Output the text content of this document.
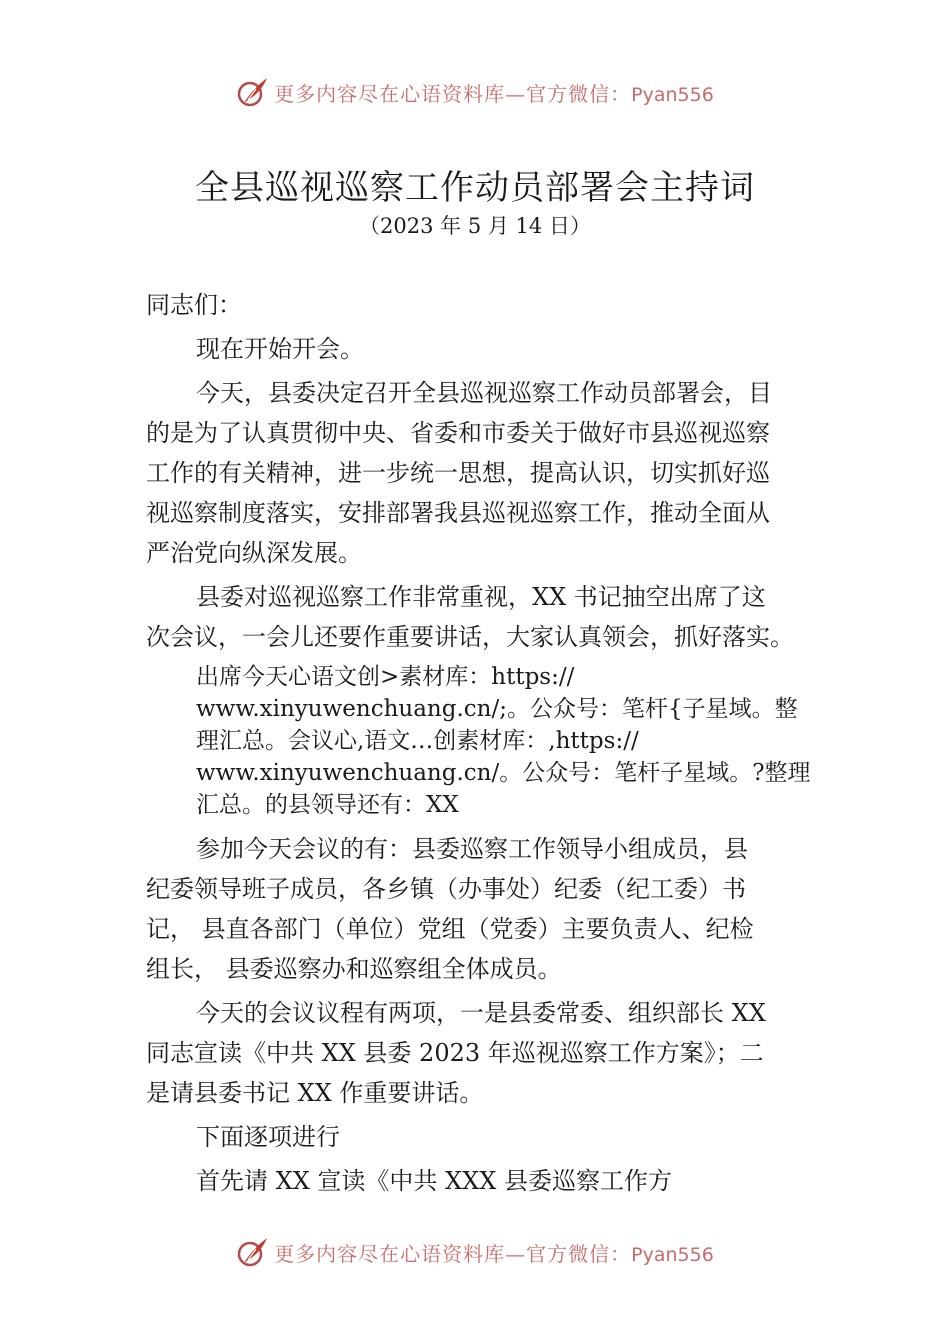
更多内容尽在心语资料库—官方微信：Pyan556
全县巡视巡察工作动员部署会主持词
（2023 年 5 月 14 日）
同志们：
现在开始开会。
今天，县委决定召开全县巡视巡察工作动员部署会，目
的是为了认真贯彻中央、省委和市委关于做好市县巡视巡察
工作的有关精神，进一步统一思想，提高认识，切实抓好巡
视巡察制度落实，安排部署我县巡视巡察工作，推动全面从
严治党向纵深发展。
县委对巡视巡察工作非常重视，XX 书记抽空出席了这
次会议，一会儿还要作重要讲话，大家认真领会，抓好落实。
出席今天心语文创>素材库：https://
www.xinyuwenchuang.cn/;。公众号：笔杆{子星域。整
理汇总。会议心,语文…创素材库：,https://
www.xinyuwenchuang.cn/。公众号：笔杆子星域。?整理
汇总。的县领导还有：XX
参加今天会议的有：县委巡察工作领导小组成员，县
纪委领导班子成员，各乡镇（办事处）纪委（纪工委）书
记， 县直各部门（单位）党组（党委）主要负责人、纪检
组长， 县委巡察办和巡察组全体成员。
今天的会议议程有两项，一是县委常委、组织部长 XX
同志宣读《中共 XX 县委 2023 年巡视巡察工作方案》；二
是请县委书记 XX 作重要讲话。
下面逐项进行
首先请 XX 宣读《中共 XXX 县委巡察工作方
更多内容尽在心语资料库—官方微信：Pyan556
